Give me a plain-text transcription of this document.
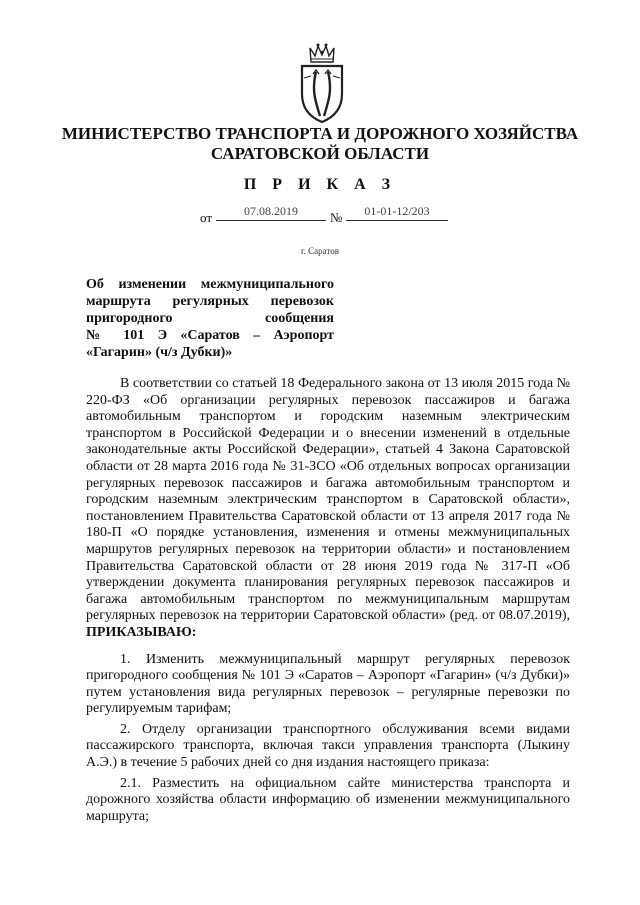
МИНИСТЕРСТВО ТРАНСПОРТА И ДОРОЖНОГО ХОЗЯЙСТВА
САРАТОВСКОЙ ОБЛАСТИ
П Р И К А З
от	07.08.2019	№	01-01-12/203
г. Саратов
Об изменении межмуниципального
маршрута регулярных перевозок
пригородного сообщения
№ 101 Э «Саратов – Аэропорт
«Гагарин» (ч/з Дубки)»

В соответствии со статьей 18 Федерального закона от 13 июля 2015 года № 220-ФЗ «Об организации регулярных перевозок пассажиров и багажа автомобильным транспортом и городским наземным электрическим транспортом в Российской Федерации и о внесении изменений в отдельные законодательные акты Российской Федерации», статьей 4 Закона Саратовской области от 28 марта 2016 года № 31-ЗСО «Об отдельных вопросах организации регулярных перевозок пассажиров и багажа автомобильным транспортом и городским наземным электрическим транспортом в Саратовской области», постановлением Правительства Саратовской области от 13 апреля 2017 года № 180-П «О порядке установления, изменения и отмены межмуниципальных маршрутов регулярных перевозок на территории области» и постановлением Правительства Саратовской области от 28 июня 2019 года № 317-П «Об утверждении документа планирования регулярных перевозок пассажиров и багажа автомобильным транспортом по межмуниципальным маршрутам регулярных перевозок на территории Саратовской области» (ред. от 08.07.2019), ПРИКАЗЫВАЮ:

1. Изменить межмуниципальный маршрут регулярных перевозок пригородного сообщения № 101 Э «Саратов – Аэропорт «Гагарин» (ч/з Дубки)» путем установления вида регулярных перевозок – регулярные перевозки по регулируемым тарифам;

2. Отделу организации транспортного обслуживания всеми видами пассажирского транспорта, включая такси управления транспорта (Лыкину А.Э.) в течение 5 рабочих дней со дня издания настоящего приказа:

2.1. Разместить на официальном сайте министерства транспорта и дорожного хозяйства области информацию об изменении межмуниципального маршрута;
